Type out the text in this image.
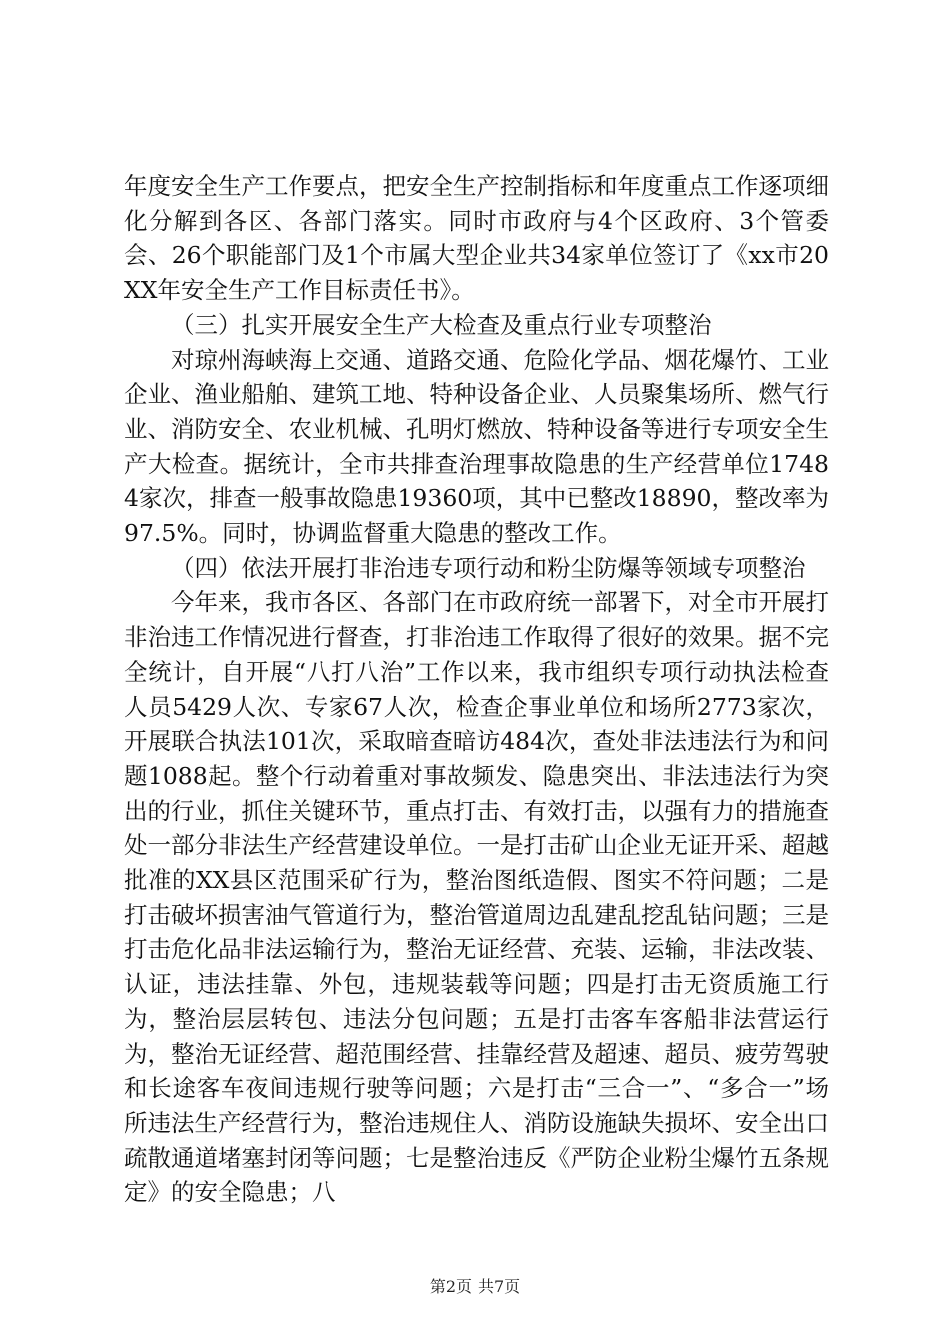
年度安全生产工作要点，把安全生产控制指标和年度重点工作逐项细化分解到各区、各部门落实。同时市政府与4个区政府、3个管委会、26个职能部门及1个市属大型企业共34家单位签订了《xx市20XX年安全生产工作目标责任书》。

（三）扎实开展安全生产大检查及重点行业专项整治

对琼州海峡海上交通、道路交通、危险化学品、烟花爆竹、工业企业、渔业船舶、建筑工地、特种设备企业、人员聚集场所、燃气行业、消防安全、农业机械、孔明灯燃放、特种设备等进行专项安全生产大检查。据统计，全市共排查治理事故隐患的生产经营单位17484家次，排查一般事故隐患19360项，其中已整改18890，整改率为97.5%。同时，协调监督重大隐患的整改工作。

（四）依法开展打非治违专项行动和粉尘防爆等领域专项整治

今年来，我市各区、各部门在市政府统一部署下，对全市开展打非治违工作情况进行督查，打非治违工作取得了很好的效果。据不完全统计，自开展“八打八治”工作以来，我市组织专项行动执法检查人员5429人次、专家67人次，检查企事业单位和场所2773家次，开展联合执法101次，采取暗查暗访484次，查处非法违法行为和问题1088起。整个行动着重对事故频发、隐患突出、非法违法行为突出的行业，抓住关键环节，重点打击、有效打击，以强有力的措施查处一部分非法生产经营建设单位。一是打击矿山企业无证开采、超越批准的XX县区范围采矿行为，整治图纸造假、图实不符问题；二是打击破坏损害油气管道行为，整治管道周边乱建乱挖乱钻问题；三是打击危化品非法运输行为，整治无证经营、充装、运输，非法改装、认证，违法挂靠、外包，违规装载等问题；四是打击无资质施工行为，整治层层转包、违法分包问题；五是打击客车客船非法营运行为，整治无证经营、超范围经营、挂靠经营及超速、超员、疲劳驾驶和长途客车夜间违规行驶等问题；六是打击“三合一”、“多合一”场所违法生产经营行为，整治违规住人、消防设施缺失损坏、安全出口疏散通道堵塞封闭等问题；七是整治违反《严防企业粉尘爆竹五条规定》的安全隐患；八

第2页 共7页
